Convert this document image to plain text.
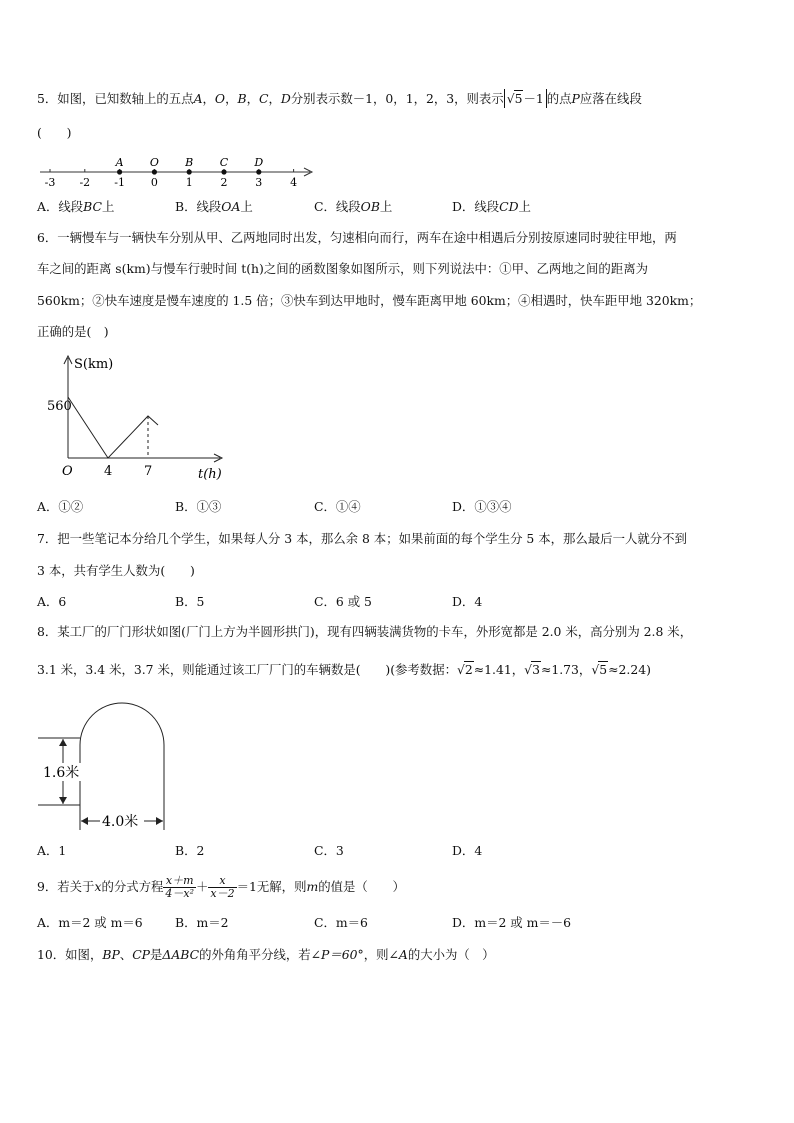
5．如图，已知数轴上的五点A，O，B，C，D分别表示数－1，0，1，2，3，则表示 √5－1 的点P应落在线段
(　　)
-3 -2 -1 0	1	2	3	4
A O B C D
A．线段BC上	B．线段OA上	C．线段OB上	D．线段CD上
6．一辆慢车与一辆快车分别从甲、乙两地同时出发，匀速相向而行，两车在途中相遇后分别按原速同时驶往甲地，两
车之间的距离 s(km)与慢车行驶时间 t(h)之间的函数图象如图所示，则下列说法中：①甲、乙两地之间的距离为
560km；②快车速度是慢车速度的 1.5 倍；③快车到达甲地时，慢车距离甲地 60km；④相遇时，快车距甲地 320km；
正确的是(　)
S(km)
560
O 4 7	t(h)
A．①②	B．①③	C．①④	D．①③④
7．把一些笔记本分给几个学生，如果每人分 3 本，那么余 8 本；如果前面的每个学生分 5 本，那么最后一人就分不到
3 本，共有学生人数为(　　)
A．6	B．5	C．6 或 5	D．4
8．某工厂的厂门形状如图(厂门上方为半圆形拱门)，现有四辆装满货物的卡车，外形宽都是 2.0 米，高分别为 2.8 米，
3.1 米，3.4 米，3.7 米，则能通过该工厂厂门的车辆数是(　　)(参考数据：√2≈1.41，√3≈1.73，√5≈2.24)
1.6米
4.0米
A．1	B．2	C．3	D．4
9．若关于x的分式方程 $\frac{x+m}{\text{4－x²}} + \frac{x}{x-2} =1$无解，则m的值是（　　）
A．m＝2 或 m＝6	B．m＝2	C．m＝6	D．m＝2 或 m＝－6
10．如图，BP、CP是ΔABC的外角角平分线，若∠P＝60°，则∠A的大小为（　）
